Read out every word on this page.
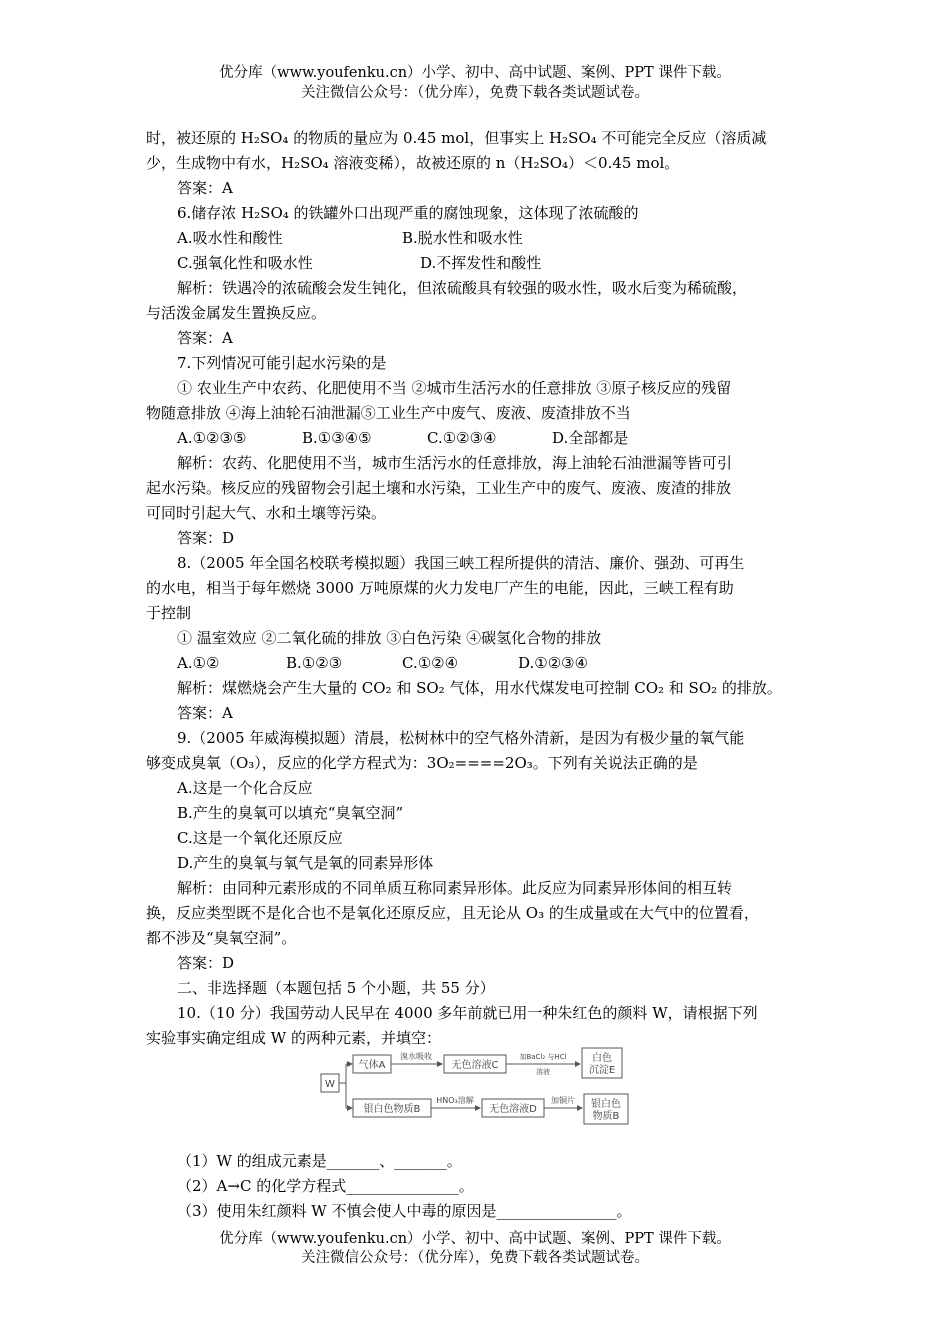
优分库（www.youfenku.cn）小学、初中、高中试题、案例、PPT 课件下载。
关注微信公众号：（优分库），免费下载各类试题试卷。
时，被还原的 H₂SO₄ 的物质的量应为 0.45 mol，但事实上 H₂SO₄ 不可能完全反应（溶质减
少，生成物中有水，H₂SO₄ 溶液变稀），故被还原的 n（H₂SO₄）＜0.45 mol。
答案：A
6.储存浓 H₂SO₄ 的铁罐外口出现严重的腐蚀现象，这体现了浓硫酸的
A.吸水性和酸性	B.脱水性和吸水性
C.强氧化性和吸水性	D.不挥发性和酸性
解析：铁遇冷的浓硫酸会发生钝化，但浓硫酸具有较强的吸水性，吸水后变为稀硫酸，
与活泼金属发生置换反应。
答案：A
7.下列情况可能引起水污染的是
① 农业生产中农药、化肥使用不当 ②城市生活污水的任意排放 ③原子核反应的残留
物随意排放 ④海上油轮石油泄漏⑤工业生产中废气、废液、废渣排放不当
A.①②③⑤	B.①③④⑤	C.①②③④	D.全部都是
解析：农药、化肥使用不当，城市生活污水的任意排放，海上油轮石油泄漏等皆可引
起水污染。核反应的残留物会引起土壤和水污染，工业生产中的废气、废液、废渣的排放
可同时引起大气、水和土壤等污染。
答案：D
8.（2005 年全国名校联考模拟题）我国三峡工程所提供的清洁、廉价、强劲、可再生
的水电，相当于每年燃烧 3000 万吨原煤的火力发电厂产生的电能，因此，三峡工程有助
于控制
① 温室效应 ②二氧化硫的排放 ③白色污染 ④碳氢化合物的排放
A.①②	B.①②③	C.①②④	D.①②③④
解析：煤燃烧会产生大量的 CO₂ 和 SO₂ 气体，用水代煤发电可控制 CO₂ 和 SO₂ 的排放。
答案：A
9.（2005 年威海模拟题）清晨，松树林中的空气格外清新，是因为有极少量的氧气能
够变成臭氧（O₃），反应的化学方程式为：3O₂====2O₃。下列有关说法正确的是
A.这是一个化合反应
B.产生的臭氧可以填充“臭氧空洞”
C.这是一个氧化还原反应
D.产生的臭氧与氧气是氧的同素异形体
解析：由同种元素形成的不同单质互称同素异形体。此反应为同素异形体间的相互转
换，反应类型既不是化合也不是氧化还原反应，且无论从 O₃ 的生成量或在大气中的位置看，
都不涉及“臭氧空洞”。
答案：D
二、非选择题（本题包括 5 个小题，共 55 分）
10.（10 分）我国劳动人民早在 4000 多年前就已用一种朱红色的颜料 W，请根据下列
实验事实确定组成 W 的两种元素，并填空：
W
气体A
溴水吸收
无色溶液C
加BaCl₂ 与HCl
溶液
白色
沉淀E
银白色物质B
HNO₃溶解
无色溶液D
加铜片 银白色
物质B
（1）W 的组成元素是_______、_______。
（2）A→C 的化学方程式_______________。
（3）使用朱红颜料 W 不慎会使人中毒的原因是________________。
优分库（www.youfenku.cn）小学、初中、高中试题、案例、PPT 课件下载。
关注微信公众号：（优分库），免费下载各类试题试卷。
